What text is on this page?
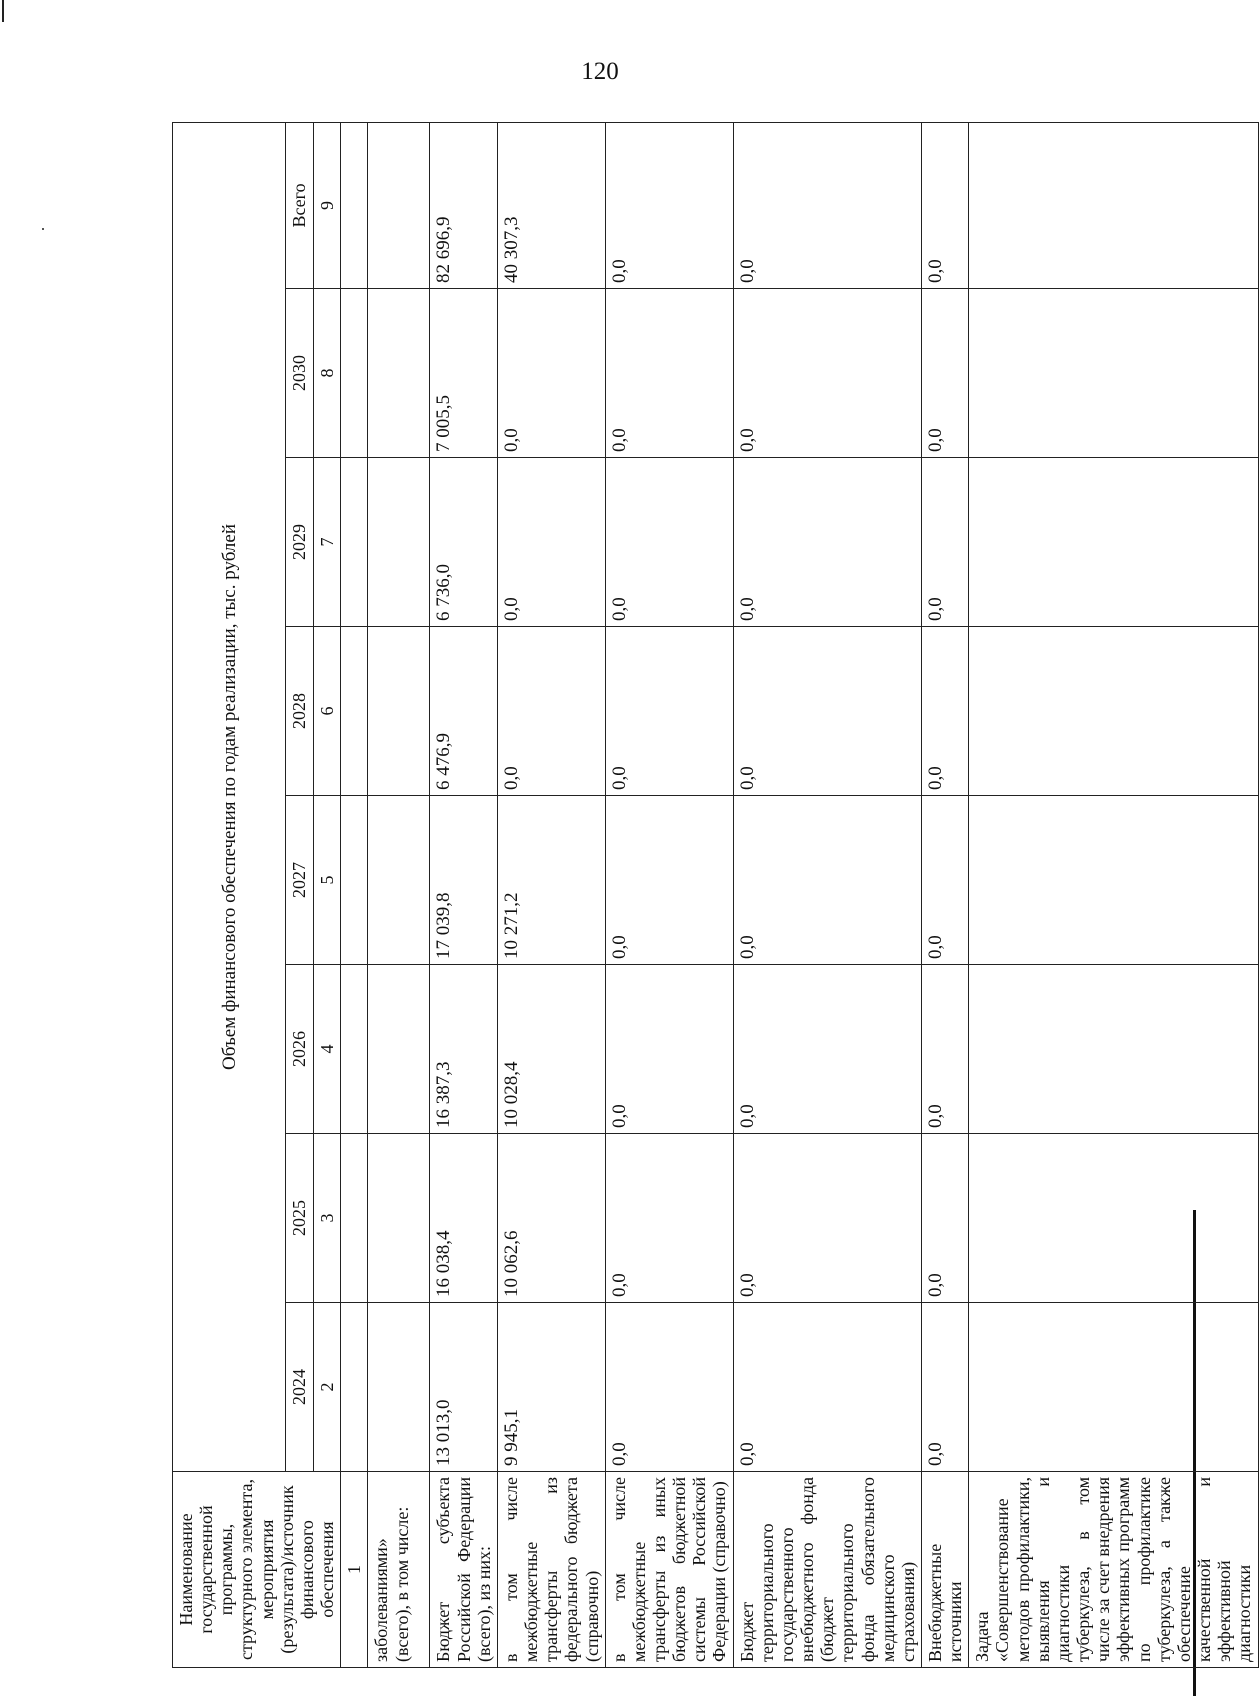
120
Наименование государственной программы, структурного элемента, мероприятия (результата)/источник финансового обеспечения	Объем финансового обеспечения по годам реализации, тыс. рублей							
	2024	2025	2026	2027	2028	2029	2030	Всего
	2	3	4	5	6	7	8	9
1								
заболеваниями» (всего), в том числе:								
Бюджет субъекта Российской Федерации (всего), из них:	13 013,0	16 038,4	16 387,3	17 039,8	6 476,9	6 736,0	7 005,5	82 696,9
в том числе межбюджетные трансферты из федерального бюджета (справочно)	9 945,1	10 062,6	10 028,4	10 271,2	0,0	0,0	0,0	40 307,3
в том числе межбюджетные трансферты из иных бюджетов бюджетной системы Российской Федерации (справочно)	0,0	0,0	0,0	0,0	0,0	0,0	0,0	0,0
Бюджет территориального государственного внебюджетного фонда (бюджет территориального фонда обязательного медицинского страхования)	0,0	0,0	0,0	0,0	0,0	0,0	0,0	0,0
Внебюджетные источники	0,0	0,0	0,0	0,0	0,0	0,0	0,0	0,0
Задача «Совершенствование методов профилактики, выявления и диагностики туберкулеза, в том числе за счет внедрения эффективных программ по профилактике туберкулеза, а также обеспечение качественной и эффективной диагностики								
